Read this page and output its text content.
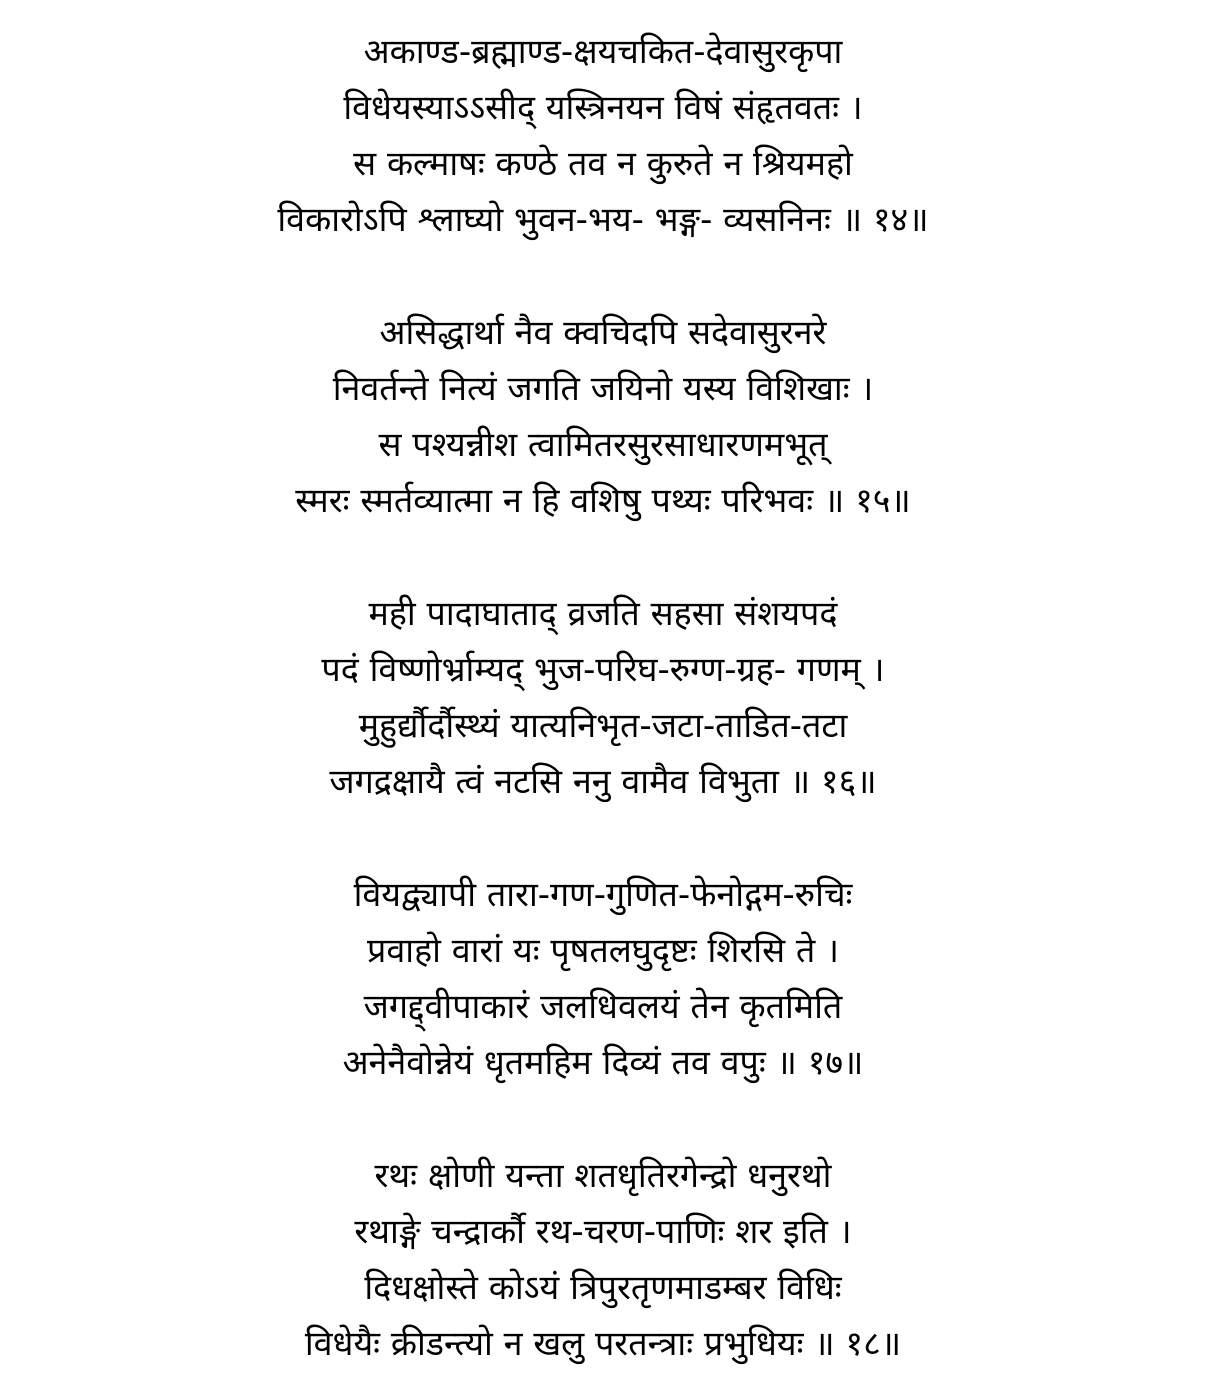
अकाण्ड-ब्रह्माण्ड-क्षयचकित-देवासुरकृपा
विधेयस्याऽऽसीद् यस्त्रिनयन विषं संहृतवतः ।
स कल्माषः कण्ठे तव न कुरुते न श्रियमहो
विकारोऽपि श्लाघ्यो भुवन-भय- भङ्ग- व्यसनिनः ॥ १४॥
असिद्धार्था नैव क्वचिदपि सदेवासुरनरे
निवर्तन्ते नित्यं जगति जयिनो यस्य विशिखाः ।
स पश्यन्नीश त्वामितरसुरसाधारणमभूत्
स्मरः स्मर्तव्यात्मा न हि वशिषु पथ्यः परिभवः ॥ १५॥
मही पादाघाताद् व्रजति सहसा संशयपदं
पदं विष्णोर्भ्राम्यद् भुज-परिघ-रुग्ण-ग्रह- गणम् ।
मुहुर्द्यौर्दौस्थ्यं यात्यनिभृत-जटा-ताडित-तटा
जगद्रक्षायै त्वं नटसि ननु वामैव विभुता ॥ १६॥
वियद्व्यापी तारा-गण-गुणित-फेनोद्गम-रुचिः
प्रवाहो वारां यः पृषतलघुदृष्टः शिरसि ते ।
जगद्द्वीपाकारं जलधिवलयं तेन कृतमिति
अनेनैवोन्नेयं धृतमहिम दिव्यं तव वपुः ॥ १७॥
रथः क्षोणी यन्ता शतधृतिरगेन्द्रो धनुरथो
रथाङ्गे चन्द्रार्कौ रथ-चरण-पाणिः शर इति ।
दिधक्षोस्ते कोऽयं त्रिपुरतृणमाडम्बर विधिः
विधेयैः क्रीडन्त्यो न खलु परतन्त्राः प्रभुधियः ॥ १८॥
